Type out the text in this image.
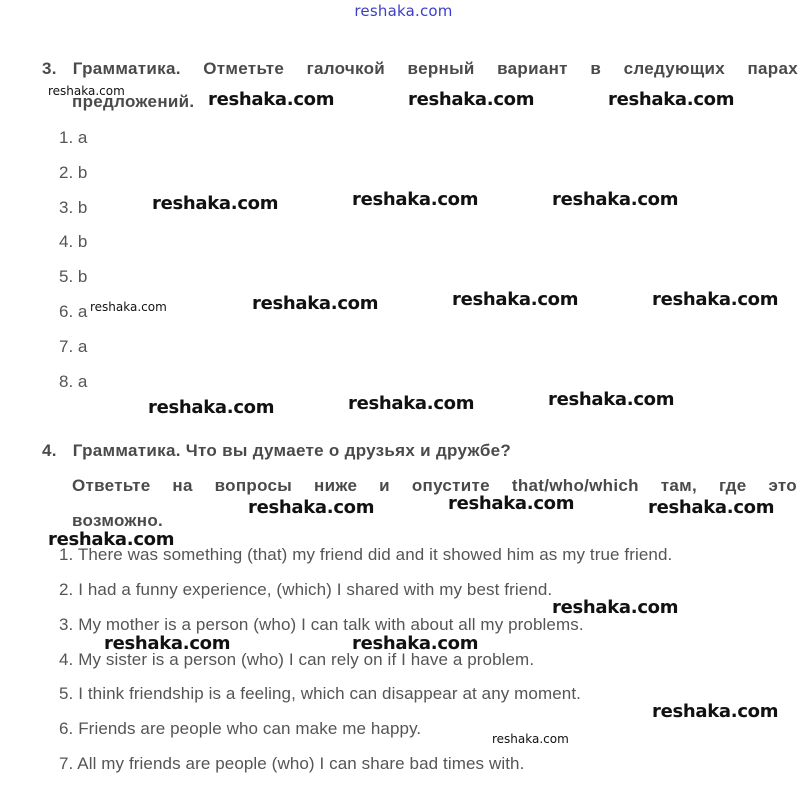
reshaka.com
3. Грамматика. Отметьте галочкой верный вариант в следующих парах
предложений.
1. a
2. b
3. b
4. b
5. b
6. a
7. a
8. a
4. Грамматика. Что вы думаете о друзьях и дружбе?
Ответьте на вопросы ниже и опустите that/who/which там, где это
возможно.
1. There was something (that) my friend did and it showed him as my true friend.
2. I had a funny experience, (which) I shared with my best friend.
3. My mother is a person (who) I can talk with about all my problems.
4. My sister is a person (who) I can rely on if I have a problem.
5. I think friendship is a feeling, which can disappear at any moment.
6. Friends are people who can make me happy.
7. All my friends are people (who) I can share bad times with.
reshaka.com	reshaka.com	reshaka.com	reshaka.com
reshaka.com	reshaka.com	reshaka.com
reshaka.com	reshaka.com	reshaka.com	reshaka.com
reshaka.com	reshaka.com	reshaka.com
reshaka.com	reshaka.com	reshaka.com
reshaka.com
reshaka.com
reshaka.com	reshaka.com
reshaka.com
reshaka.com
